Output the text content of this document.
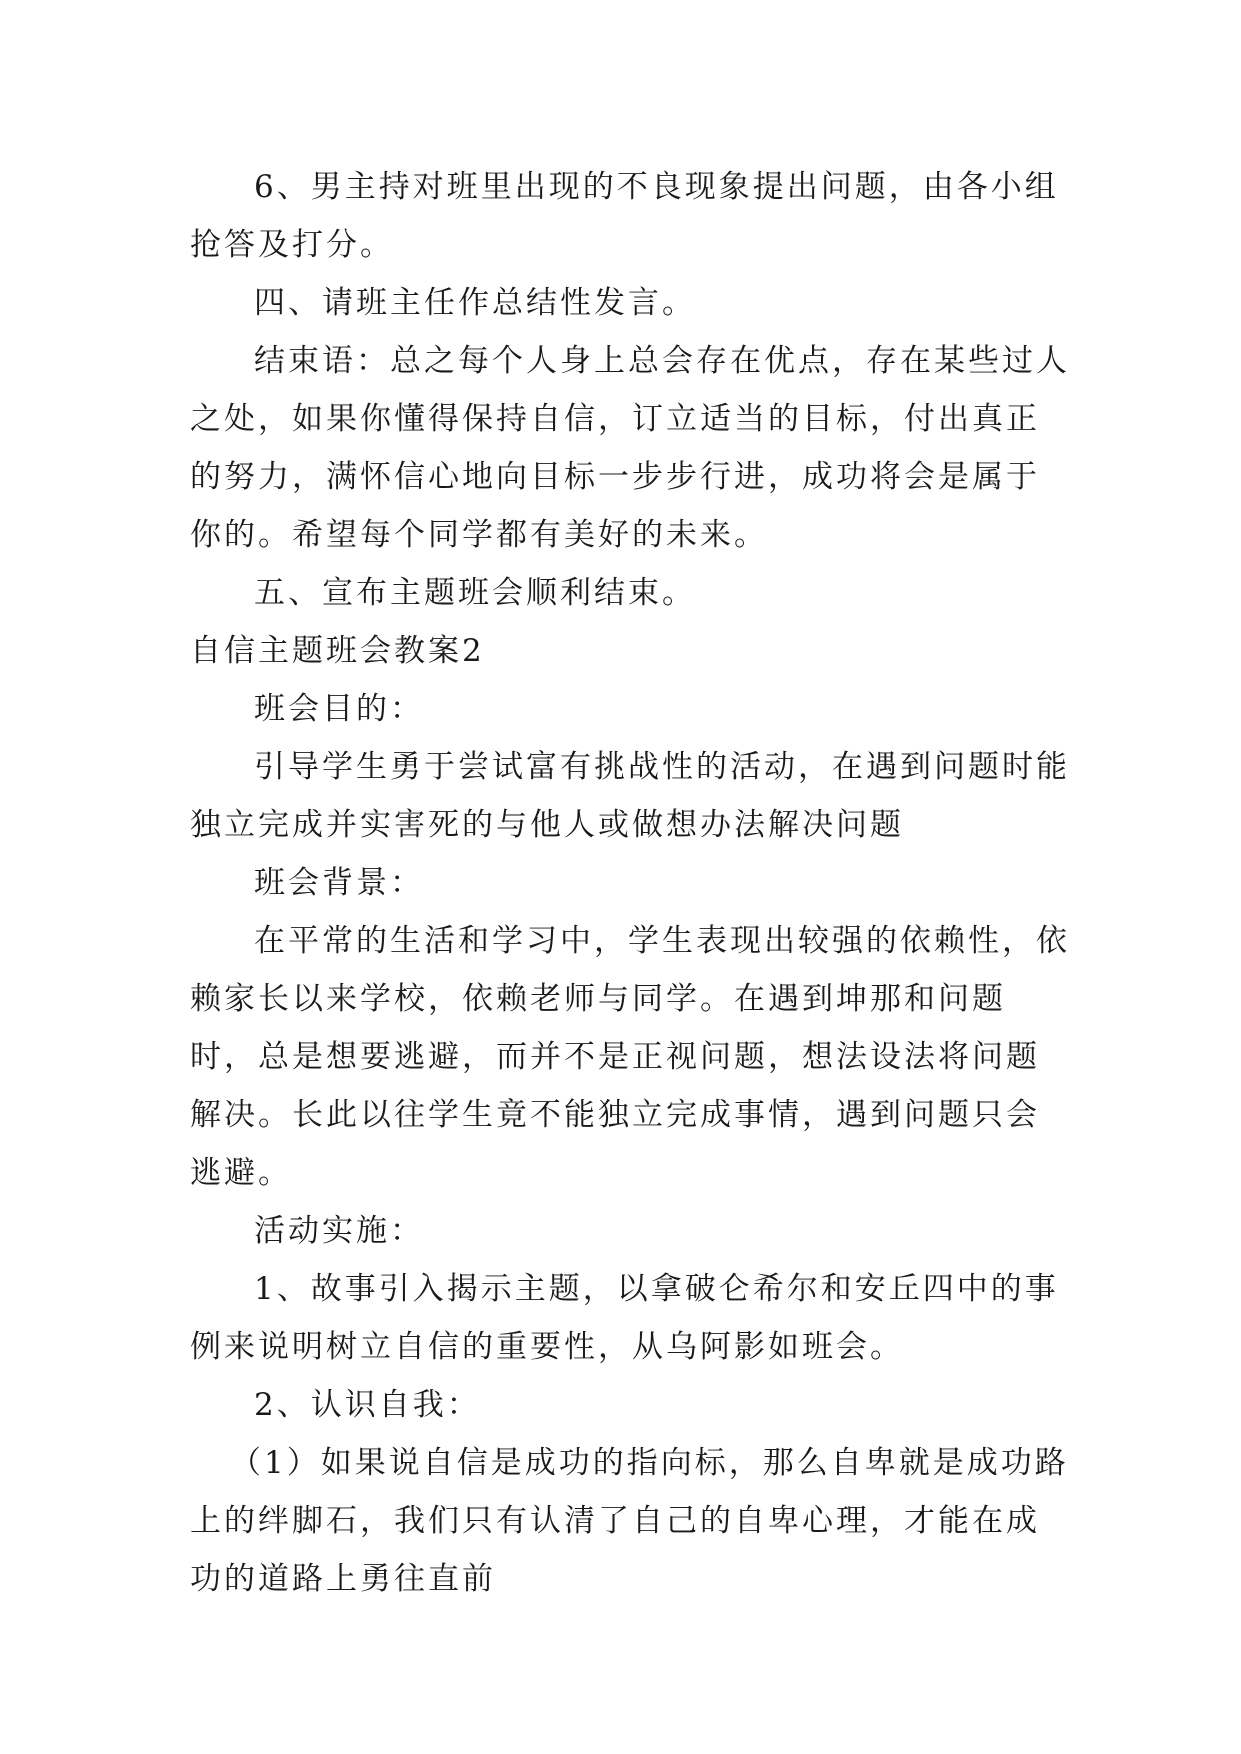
6、男主持对班里出现的不良现象提出问题，由各小组抢答及打分。

四、请班主任作总结性发言。

结束语：总之每个人身上总会存在优点，存在某些过人之处，如果你懂得保持自信，订立适当的目标，付出真正的努力，满怀信心地向目标一步步行进，成功将会是属于你的。希望每个同学都有美好的未来。

五、宣布主题班会顺利结束。

自信主题班会教案2

班会目的：

引导学生勇于尝试富有挑战性的活动，在遇到问题时能独立完成并实害死的与他人或做想办法解决问题

班会背景：

在平常的生活和学习中，学生表现出较强的依赖性，依赖家长以来学校，依赖老师与同学。在遇到坤那和问题时，总是想要逃避，而并不是正视问题，想法设法将问题解决。长此以往学生竟不能独立完成事情，遇到问题只会逃避。

活动实施：

1、故事引入揭示主题，以拿破仑希尔和安丘四中的事例来说明树立自信的重要性，从乌阿影如班会。

2、认识自我：

（1）如果说自信是成功的指向标，那么自卑就是成功路上的绊脚石，我们只有认清了自己的自卑心理，才能在成功的道路上勇往直前
